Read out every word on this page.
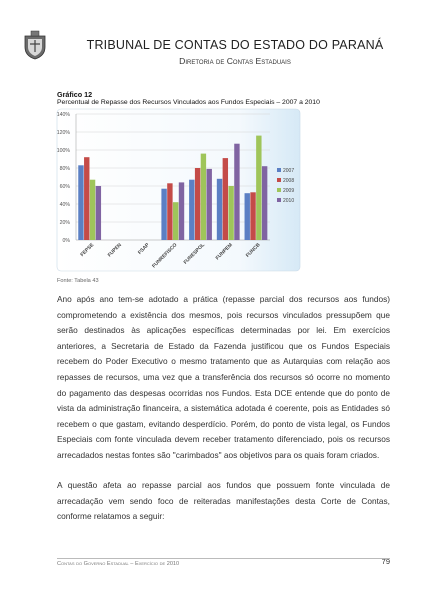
TRIBUNAL DE CONTAS DO ESTADO DO PARANÁ
Diretoria de Contas Estaduais
Gráfico 12
Percentual de Repasse dos Recursos Vinculados aos Fundos Especiais – 2007 a 2010
0%
20%
40%
60%
80%
100%
120%
140%
FEPSE FUPEN	FSAP FUNREFISCO FUNESPOL FUNPEM FUNCB
2007
2008
2009
2010
Fonte: Tabela 43

Ano após ano tem-se adotado a prática (repasse parcial dos recursos aos fundos) comprometendo a existência dos mesmos, pois recursos vinculados pressupõem que serão destinados às aplicações específicas determinadas por lei. Em exercícios anteriores, a Secretaria de Estado da Fazenda justificou que os Fundos Especiais recebem do Poder Executivo o mesmo tratamento que as Autarquias com relação aos repasses de recursos, uma vez que a transferência dos recursos só ocorre no momento do pagamento das despesas ocorridas nos Fundos. Esta DCE entende que do ponto de vista da administração financeira, a sistemática adotada é coerente, pois as Entidades só recebem o que gastam, evitando desperdício. Porém, do ponto de vista legal, os Fundos Especiais com fonte vinculada devem receber tratamento diferenciado, pois os recursos arrecadados nestas fontes são "carimbados" aos objetivos para os quais foram criados.

A questão afeta ao repasse parcial aos fundos que possuem fonte vinculada de arrecadação vem sendo foco de reiteradas manifestações desta Corte de Contas, conforme relatamos a seguir:

Contas do Governo Estadual – Exercício de 2010	79
